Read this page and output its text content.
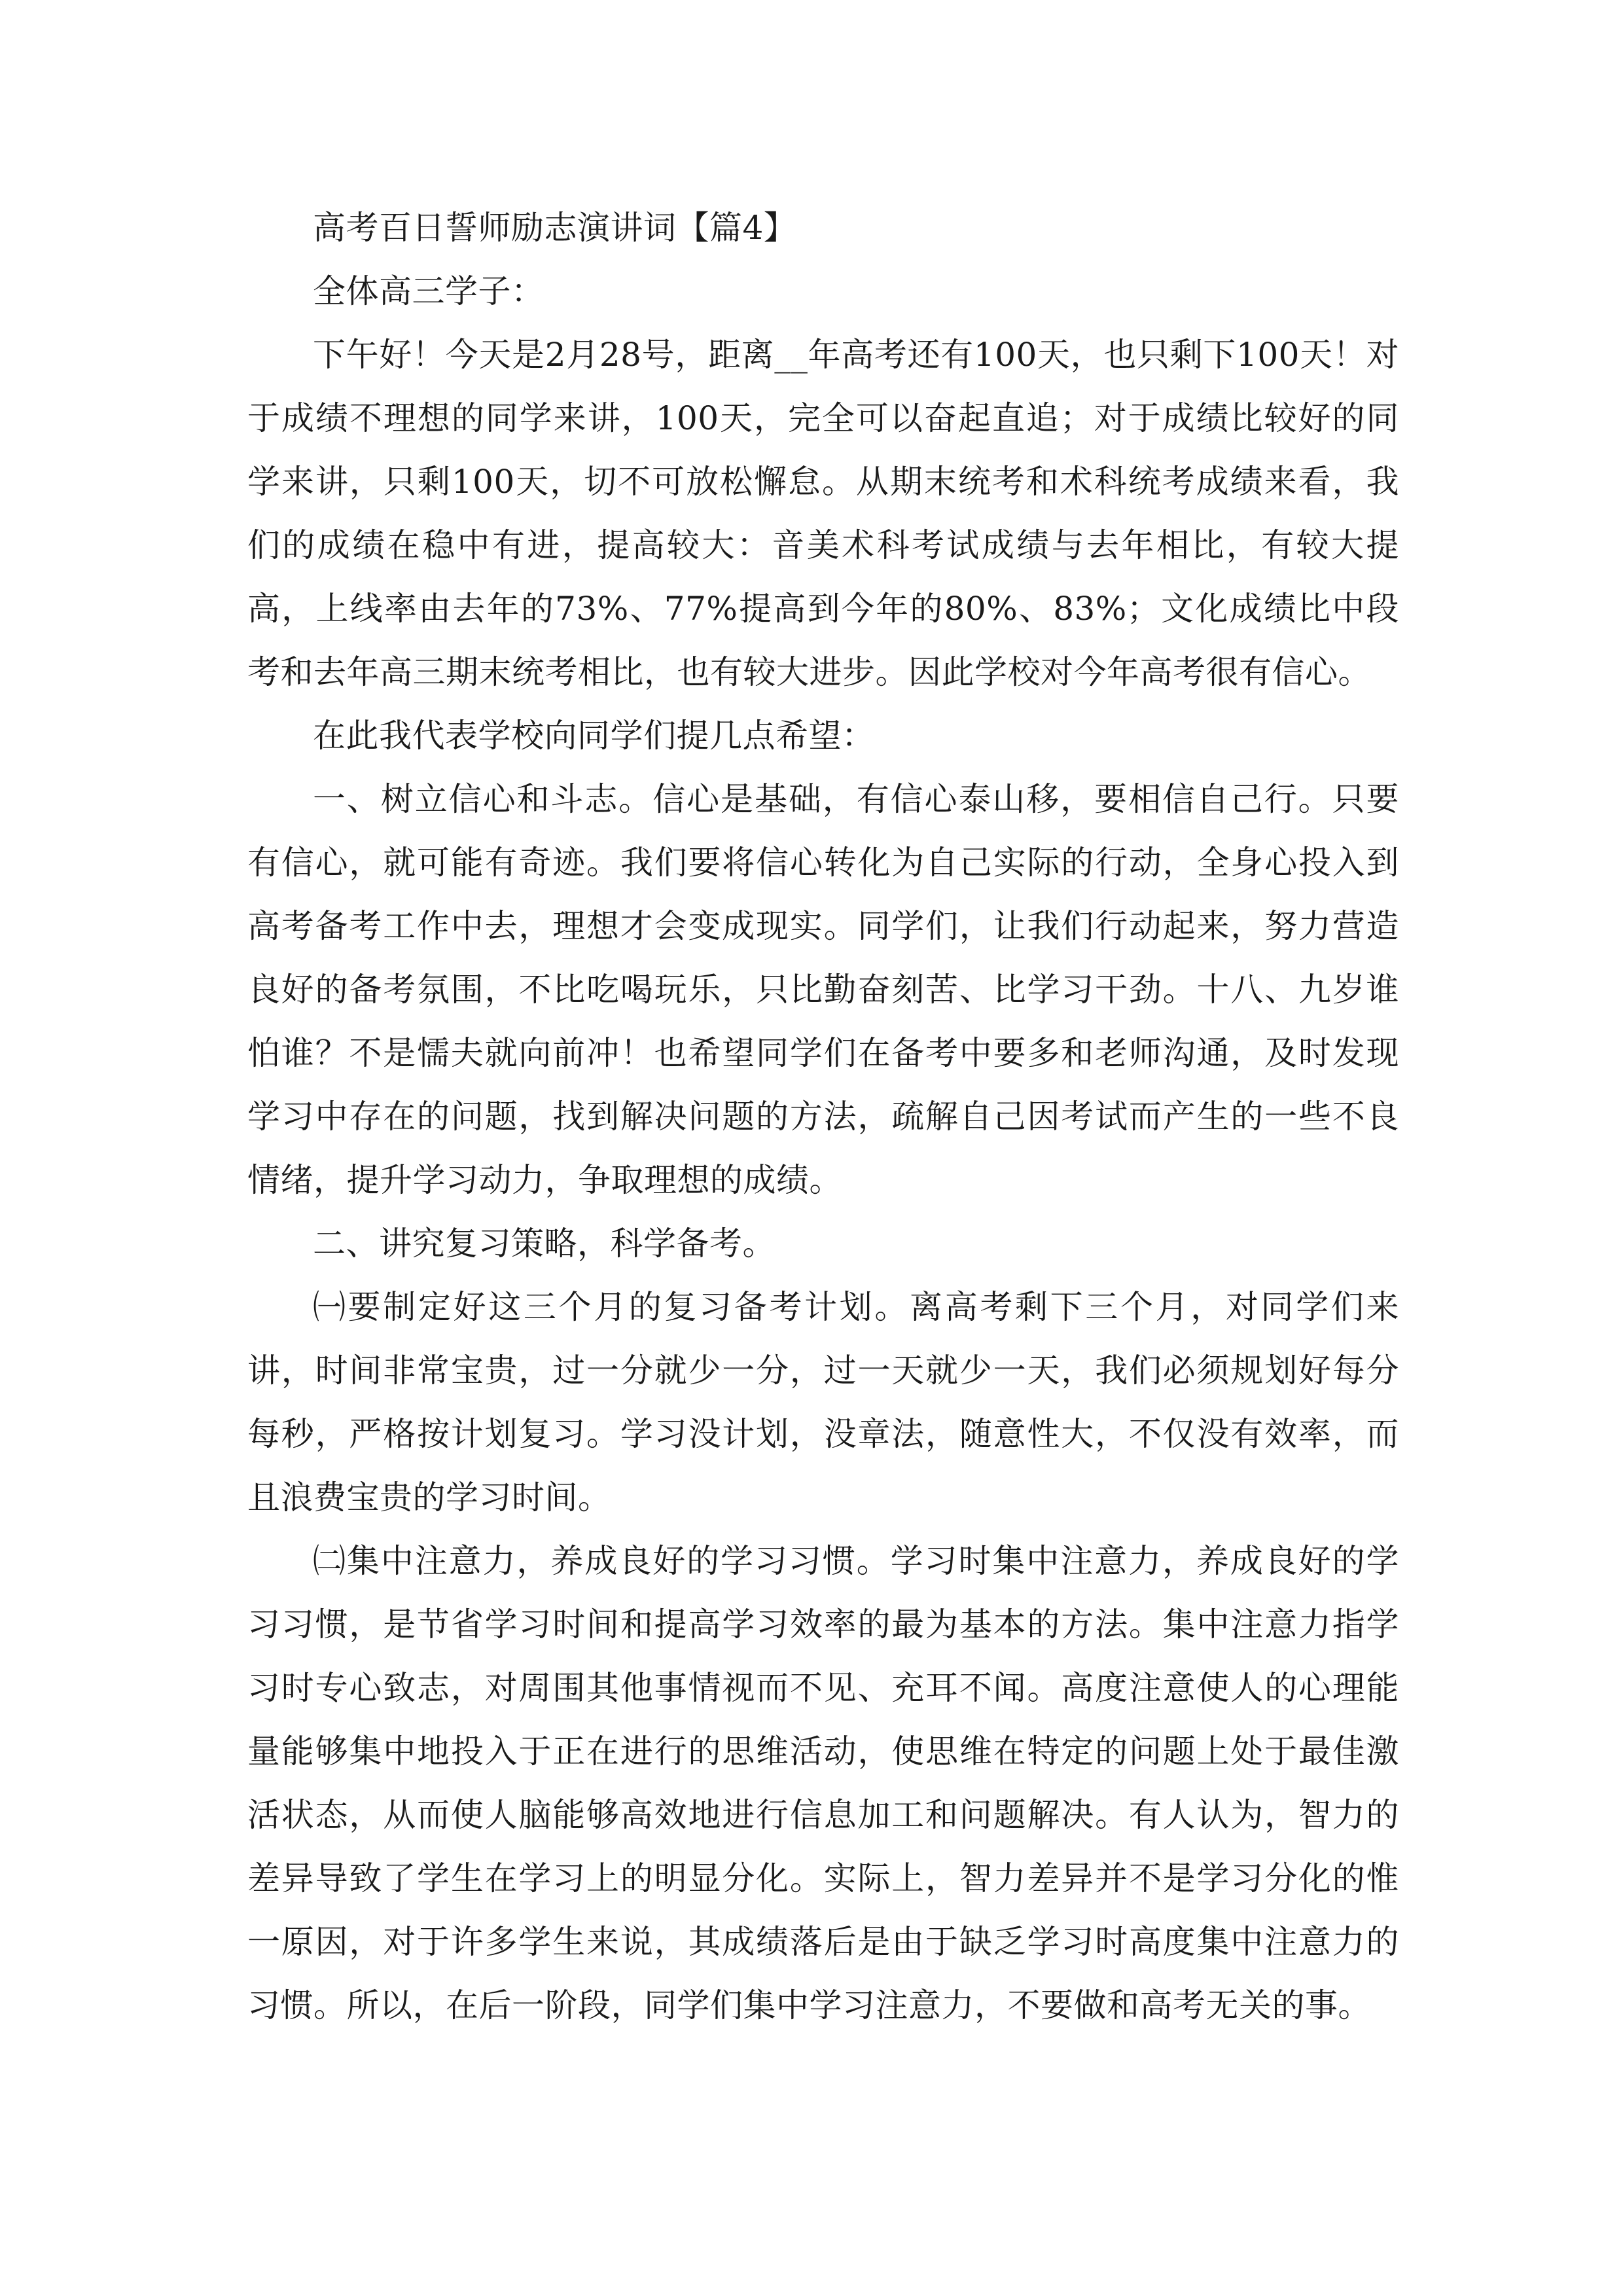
高考百日誓师励志演讲词【篇4】

全体高三学子：

下午好！今天是2月28号，距离__年高考还有100天，也只剩下100天！对于成绩不理想的同学来讲，100天，完全可以奋起直追；对于成绩比较好的同学来讲，只剩100天，切不可放松懈怠。从期末统考和术科统考成绩来看，我们的成绩在稳中有进，提高较大：音美术科考试成绩与去年相比，有较大提高，上线率由去年的73%、77%提高到今年的80%、83%；文化成绩比中段考和去年高三期末统考相比，也有较大进步。因此学校对今年高考很有信心。

在此我代表学校向同学们提几点希望：

一、树立信心和斗志。信心是基础，有信心泰山移，要相信自己行。只要有信心，就可能有奇迹。我们要将信心转化为自己实际的行动，全身心投入到高考备考工作中去，理想才会变成现实。同学们，让我们行动起来，努力营造良好的备考氛围，不比吃喝玩乐，只比勤奋刻苦、比学习干劲。十八、九岁谁怕谁？不是懦夫就向前冲！也希望同学们在备考中要多和老师沟通，及时发现学习中存在的问题，找到解决问题的方法，疏解自己因考试而产生的一些不良情绪，提升学习动力，争取理想的成绩。

二、讲究复习策略，科学备考。

㈠要制定好这三个月的复习备考计划。离高考剩下三个月，对同学们来讲，时间非常宝贵，过一分就少一分，过一天就少一天，我们必须规划好每分每秒，严格按计划复习。学习没计划，没章法，随意性大，不仅没有效率，而且浪费宝贵的学习时间。

㈡集中注意力，养成良好的学习习惯。学习时集中注意力，养成良好的学习习惯，是节省学习时间和提高学习效率的最为基本的方法。集中注意力指学习时专心致志，对周围其他事情视而不见、充耳不闻。高度注意使人的心理能量能够集中地投入于正在进行的思维活动，使思维在特定的问题上处于最佳激活状态，从而使人脑能够高效地进行信息加工和问题解决。有人认为，智力的差异导致了学生在学习上的明显分化。实际上，智力差异并不是学习分化的惟一原因，对于许多学生来说，其成绩落后是由于缺乏学习时高度集中注意力的习惯。所以，在后一阶段，同学们集中学习注意力，不要做和高考无关的事。
